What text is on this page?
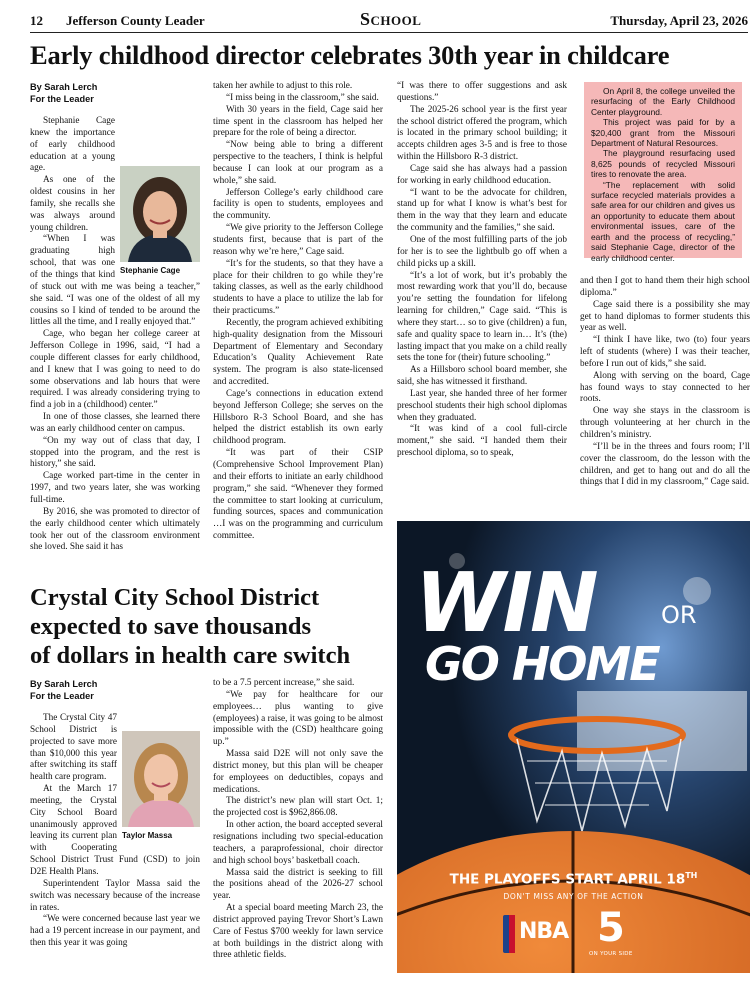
12 Jefferson County Leader	School	Thursday, April 23, 2026
Early childhood director celebrates 30th year in childcare
By Sarah Lerch
For the Leader
Stephanie Cage

Stephanie Cage knew the importance of early childhood education at a young age.

As one of the oldest cousins in her family, she recalls she was always around young children.

“When I was graduating high school, that was one of the things that kind of stuck out with me was being a teacher,” she said. “I was one of the oldest of all my cousins so I kind of tended to be around the littles all the time, and I really enjoyed that.”

Cage, who began her college career at Jefferson College in 1996, said, “I had a couple different classes for early childhood, and I knew that I was going to need to do some observations and lab hours that were required. I was already considering trying to find a job in a (childhood) center.”

In one of those classes, she learned there was an early childhood center on campus.

“On my way out of class that day, I stopped into the program, and the rest is history,” she said.

Cage worked part-time in the center in 1997, and two years later, she was working full-time.

By 2016, she was promoted to director of the early childhood center which ultimately took her out of the classroom environment she loved. She said it has

taken her awhile to adjust to this role.

“I miss being in the classroom,” she said.

With 30 years in the field, Cage said her time spent in the classroom has helped her prepare for the role of being a director.

“Now being able to bring a different perspective to the teachers, I think is helpful because I can look at our program as a whole,” she said.

Jefferson College’s early childhood care facility is open to students, employees and the community.

“We give priority to the Jefferson College students first, because that is part of the reason why we’re here,” Cage said.

“It’s for the students, so that they have a place for their children to go while they’re taking classes, as well as the early childhood students to have a place to utilize the lab for their practicums.”

Recently, the program achieved exhibiting high-quality designation from the Missouri Department of Elementary and Secondary Education’s Quality Achievement Rate system. The program is also state-licensed and accredited.

Cage’s connections in education extend beyond Jefferson College; she serves on the Hillsboro R-3 School Board, and she has helped the district establish its own early childhood program.

“It was part of their CSIP (Comprehensive School Improvement Plan) and their efforts to initiate an early childhood program,” she said. “Whenever they formed the committee to start looking at curriculum, funding sources, spaces and communication …I was on the programming and curriculum committee.

“I was there to offer suggestions and ask questions.”

The 2025-26 school year is the first year the school district offered the program, which is located in the primary school building; it accepts children ages 3-5 and is free to those within the Hillsboro R-3 district.

Cage said she has always had a passion for working in early childhood education.

“I want to be the advocate for children, stand up for what I know is what’s best for them in the way that they learn and educate the community and the families,” she said.

One of the most fulfilling parts of the job for her is to see the lightbulb go off when a child picks up a skill.

“It’s a lot of work, but it’s probably the most rewarding work that you’ll do, because you’re setting the foundation for lifelong learning for children,” Cage said. “This is where they start… so to give (children) a fun, safe and quality space to learn in… It’s (the) lasting impact that you make on a child really sets the tone for (their) future schooling.”

As a Hillsboro school board member, she said, she has witnessed it firsthand.

Last year, she handed three of her former preschool students their high school diplomas when they graduated.

“It was kind of a cool full-circle moment,” she said. “I handed them their preschool diploma, so to speak,

On April 8, the college unveiled the resurfacing of the Early Childhood Center playground.

This project was paid for by a $20,400 grant from the Missouri Department of Natural Resources.

The playground resurfacing used 8,625 pounds of recycled Missouri tires to renovate the area.

“The replacement with solid surface recycled materials provides a safe area for our children and gives us an opportunity to educate them about environmental issues, care of the earth and the process of recycling,” said Stephanie Cage, director of the early childhood center.

and then I got to hand them their high school diploma.”

Cage said there is a possibility she may get to hand diplomas to former students this year as well.

“I think I have like, two (to) four years left of students (where) I was their teacher, before I run out of kids,” she said.

Along with serving on the board, Cage has found ways to stay connected to her roots.

One way she stays in the classroom is through volunteering at her church in the children’s ministry.

“I’ll be in the threes and fours room; I’ll cover the classroom, do the lesson with the children, and get to hang out and do all the things that I did in my classroom,” Cage said.

Crystal City School District
expected to save thousands
of dollars in health care switch
By Sarah Lerch
For the Leader
Taylor Massa

The Crystal City 47 School District is projected to save more than $10,000 this year after switching its staff health care program.

At the March 17 meeting, the Crystal City School Board unanimously approved leaving its current plan with Cooperating School District Trust Fund (CSD) to join D2E Health Plans.

Superintendent Taylor Massa said the switch was necessary because of the increase in rates.

“We were concerned because last year we had a 19 percent increase in our payment, and then this year it was going

to be a 7.5 percent increase,” she said.

“We pay for healthcare for our employees… plus wanting to give (employees) a raise, it was going to be almost impossible with the (CSD) healthcare going up.”

Massa said D2E will not only save the district money, but this plan will be cheaper for employees on deductibles, copays and medications.

The district’s new plan will start Oct. 1; the projected cost is $962,866.08.

In other action, the board accepted several resignations including two special-education teachers, a paraprofessional, choir director and high school boys’ basketball coach.

Massa said the district is seeking to fill the positions ahead of the 2026-27 school year.

At a special board meeting March 23, the district approved paying Trevor Short’s Lawn Care of Festus $700 weekly for lawn service at both buildings in the district along with three athletic fields.

WIN	OR
GO HOME
THE PLAYOFFS START APRIL 18TH
DON'T MISS ANY OF THE ACTION
NBA 5
ON YOUR SIDE
